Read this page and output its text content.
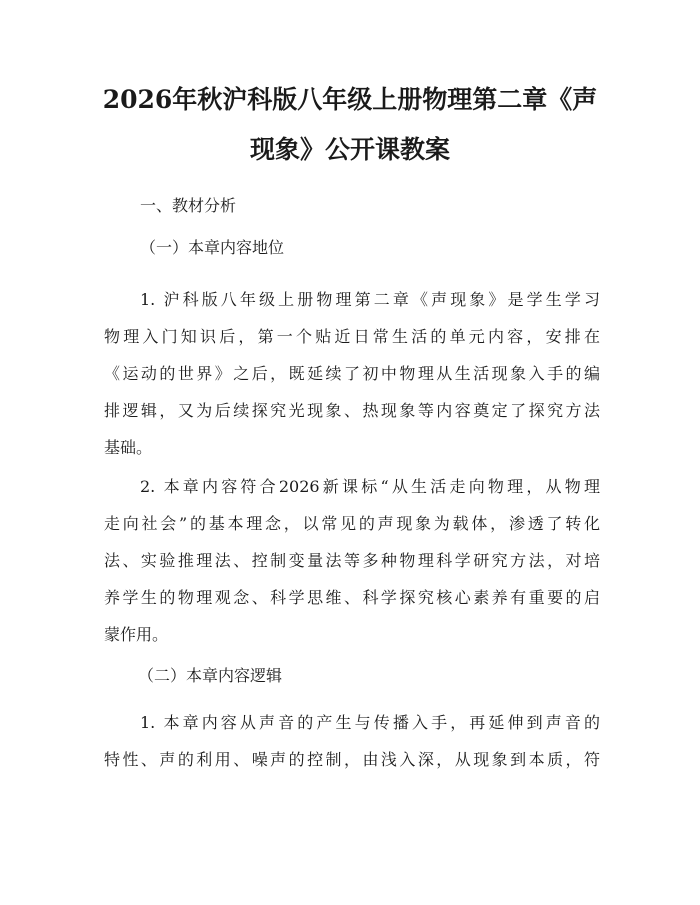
2026年秋沪科版八年级上册物理第二章《声
现象》公开课教案
一、教材分析
（一）本章内容地位
1. 沪科版八年级上册物理第二章《声现象》是学生学习
物理入门知识后，第一个贴近日常生活的单元内容，安排在
《运动的世界》之后，既延续了初中物理从生活现象入手的编
排逻辑，又为后续探究光现象、热现象等内容奠定了探究方法
基础。
2. 本章内容符合2026新课标“从生活走向物理，从物理
走向社会”的基本理念，以常见的声现象为载体，渗透了转化
法、实验推理法、控制变量法等多种物理科学研究方法，对培
养学生的物理观念、科学思维、科学探究核心素养有重要的启
蒙作用。
（二）本章内容逻辑
1. 本章内容从声音的产生与传播入手，再延伸到声音的
特性、声的利用、噪声的控制，由浅入深，从现象到本质，符
